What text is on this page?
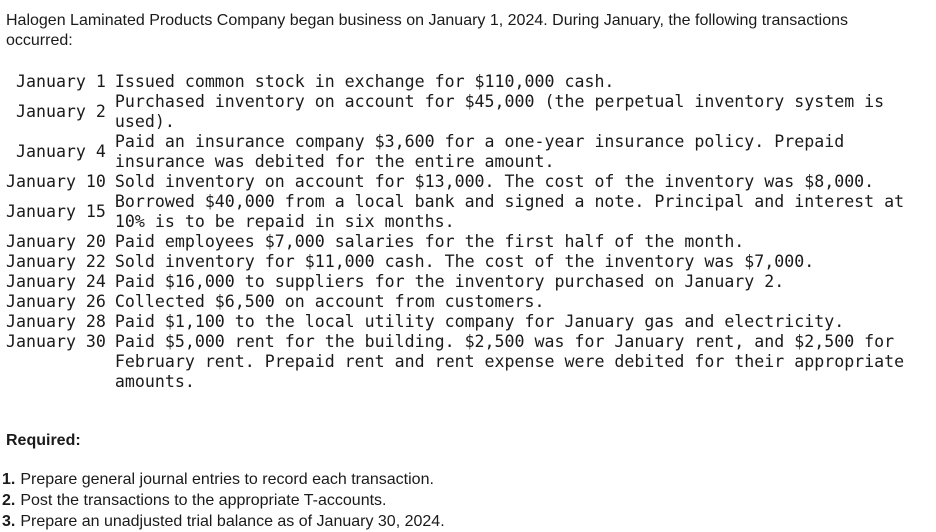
Halogen Laminated Products Company began business on January 1, 2024. During January, the following transactions occurred:

January 1	Issued common stock in exchange for $110,000 cash.
January 2	Purchased inventory on account for $45,000 (the perpetual inventory system is used).
January 4	Paid an insurance company $3,600 for a one-year insurance policy. Prepaid insurance was debited for the entire amount.
January 10	Sold inventory on account for $13,000. The cost of the inventory was $8,000.
January 15	Borrowed $40,000 from a local bank and signed a note. Principal and interest at 10% is to be repaid in six months.
January 20	Paid employees $7,000 salaries for the first half of the month.
January 22	Sold inventory for $11,000 cash. The cost of the inventory was $7,000.
January 24	Paid $16,000 to suppliers for the inventory purchased on January 2.
January 26	Collected $6,500 on account from customers.
January 28	Paid $1,100 to the local utility company for January gas and electricity.
January 30	Paid $5,000 rent for the building. $2,500 was for January rent, and $2,500 for February rent. Prepaid rent and rent expense were debited for their appropriate amounts.
Required:
1. Prepare general journal entries to record each transaction.
2. Post the transactions to the appropriate T-accounts.
3. Prepare an unadjusted trial balance as of January 30, 2024.
